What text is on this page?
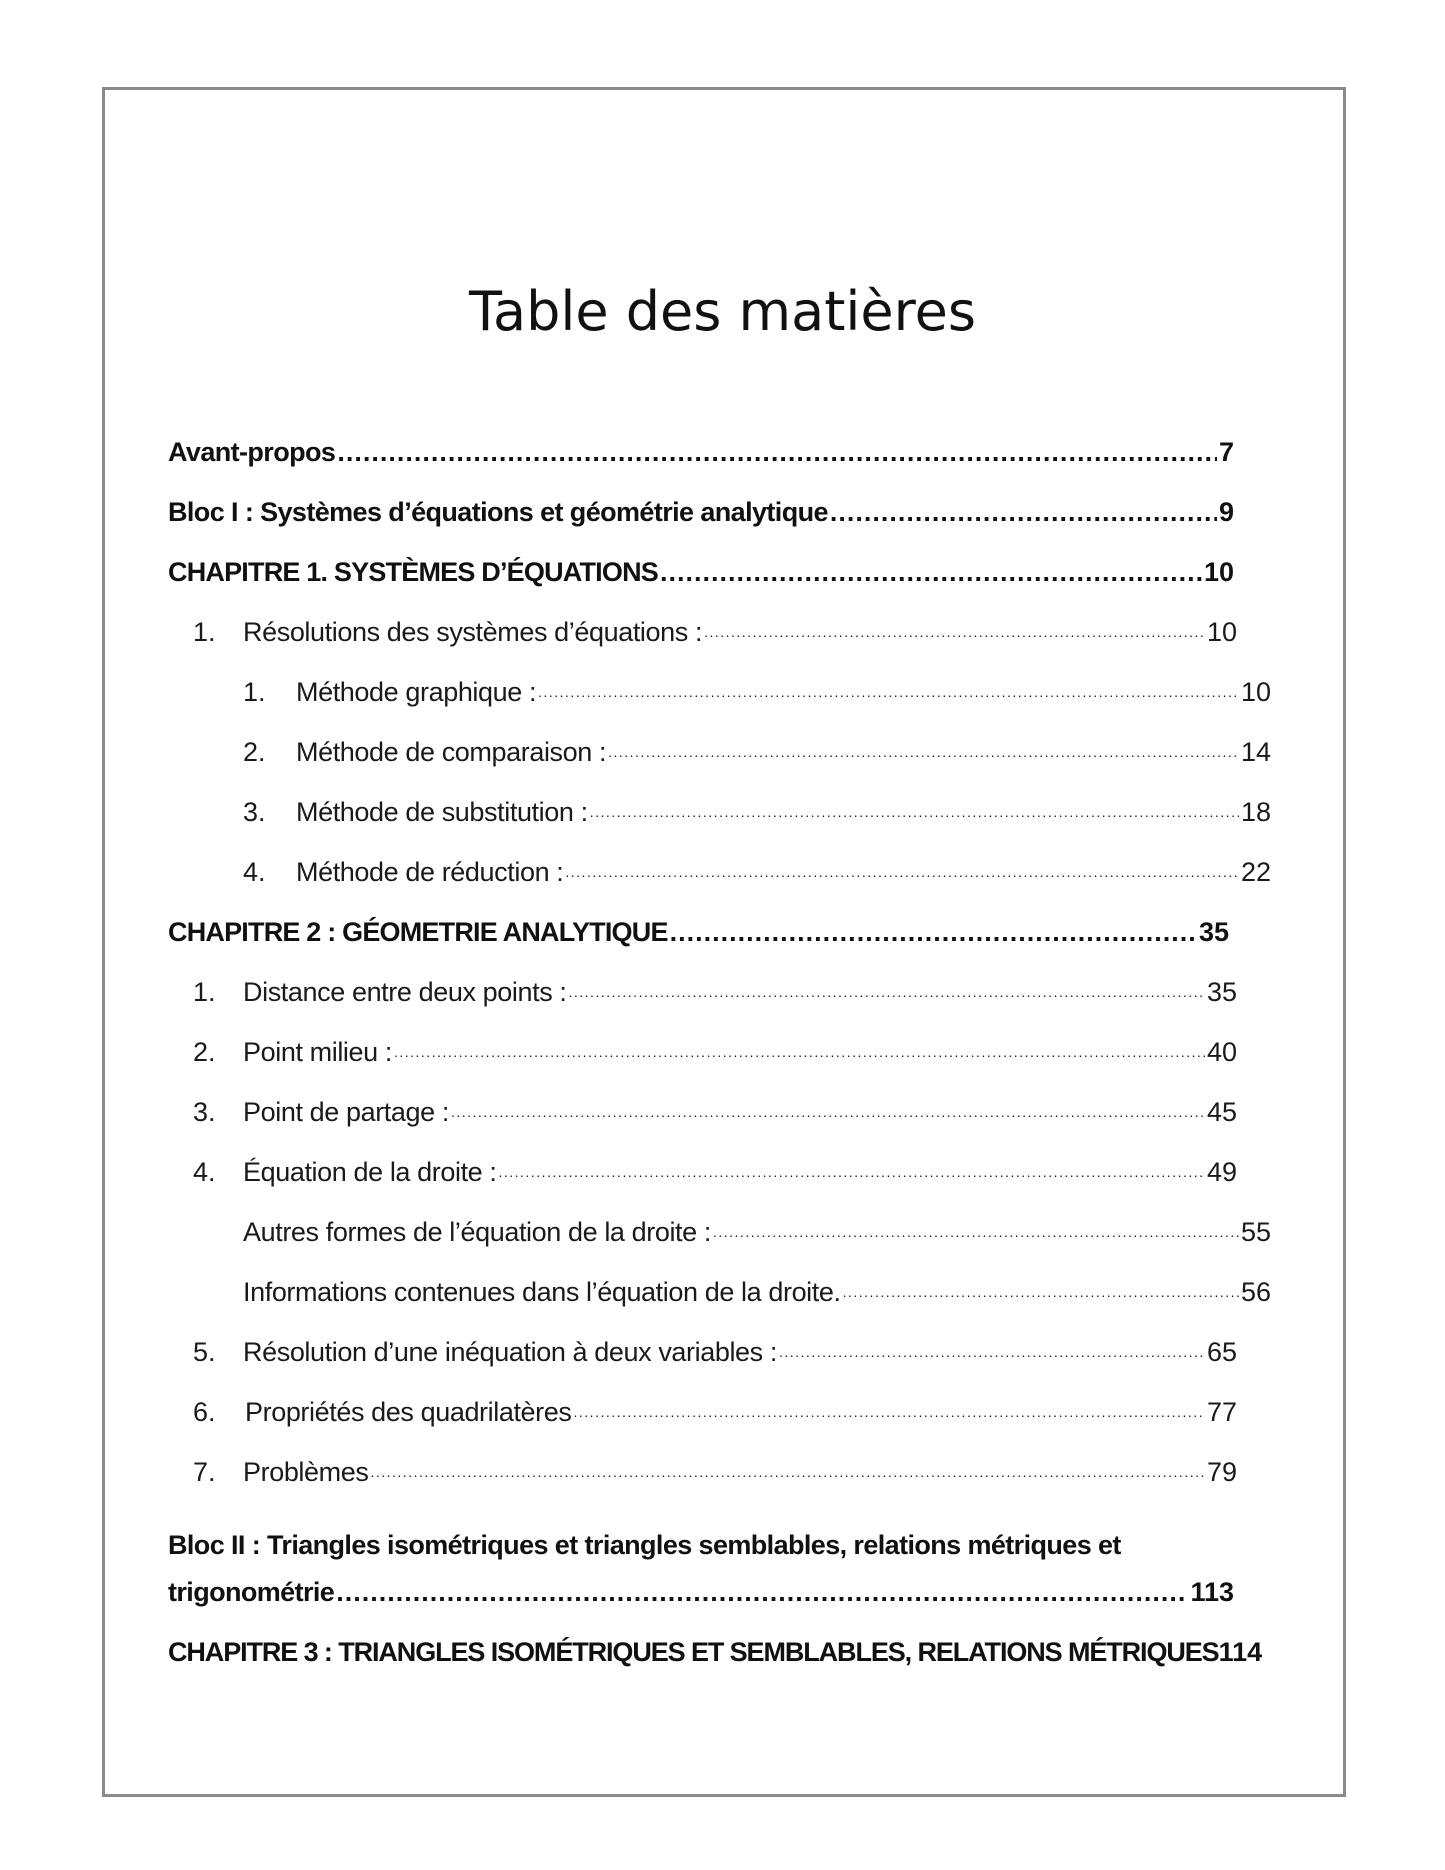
Table des matières
Avant-propos .....	7
Bloc I : Systèmes d’équations et géométrie analytique .....	9
CHAPITRE 1. SYSTÈMES D’ÉQUATIONS .....	10
1.	Résolutions des systèmes d’équations : .....	10
1.	Méthode graphique : .....	10
2.	Méthode de comparaison : .....	14
3.	Méthode de substitution : .....	18
4.	Méthode de réduction : .....	22
CHAPITRE 2 : GÉOMETRIE ANALYTIQUE .....	35
1.	Distance entre deux points : .....	35
2.	Point milieu : .....	40
3.	Point de partage : .....	45
4.	Équation de la droite : .....	49
Autres formes de l’équation de la droite : .....	55
Informations contenues dans l’équation de la droite. .....	56
5.	Résolution d’une inéquation à deux variables : .....	65
6.	Propriétés des quadrilatères .....	77
7.	Problèmes .....	79
Bloc II : Triangles isométriques et triangles semblables, relations métriques et
trigonométrie .....	113
CHAPITRE 3 : TRIANGLES ISOMÉTRIQUES ET SEMBLABLES, RELATIONS MÉTRIQUES 114
